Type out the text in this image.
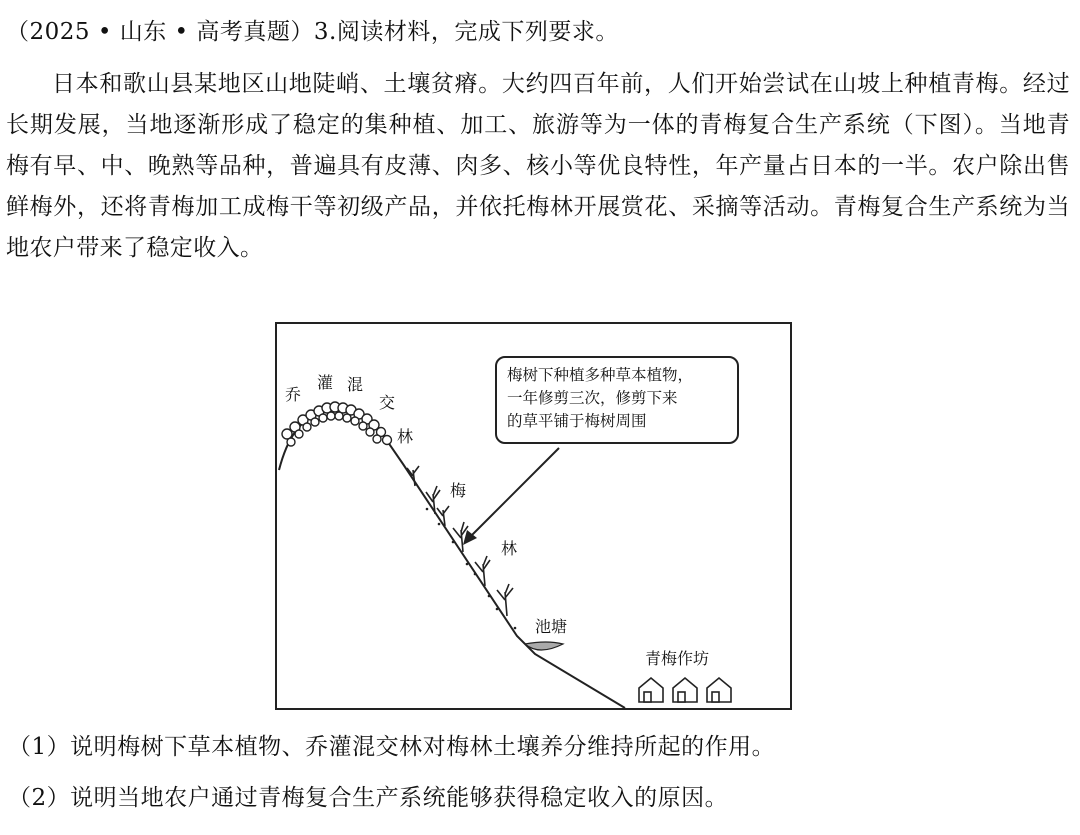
（2025 • 山东 • 高考真题）3.阅读材料，完成下列要求。
日本和歌山县某地区山地陡峭、土壤贫瘠。大约四百年前，人们开始尝试在山坡上种植青梅。经过长期发展，当地逐渐形成了稳定的集种植、加工、旅游等为一体的青梅复合生产系统（下图）。当地青梅有早、中、晚熟等品种，普遍具有皮薄、肉多、核小等优良特性，年产量占日本的一半。农户除出售鲜梅外，还将青梅加工成梅干等初级产品，并依托梅林开展赏花、采摘等活动。青梅复合生产系统为当地农户带来了稳定收入。
乔
灌 混
交
林
梅
林
池塘
青梅作坊
梅树下种植多种草本植物，
一年修剪三次，修剪下来
的草平铺于梅树周围
（1）说明梅树下草本植物、乔灌混交林对梅林土壤养分维持所起的作用。
（2）说明当地农户通过青梅复合生产系统能够获得稳定收入的原因。
